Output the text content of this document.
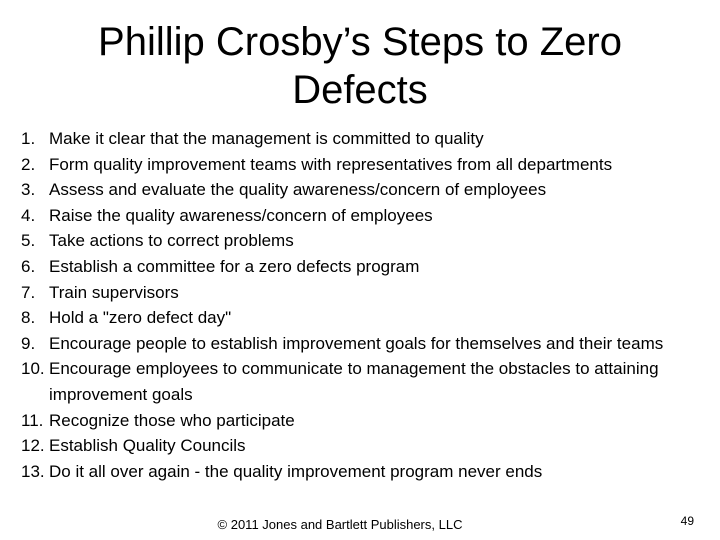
Phillip Crosby’s Steps to Zero Defects
1. Make it clear that the management is committed to quality
2. Form quality improvement teams with representatives from all departments
3. Assess and evaluate the quality awareness/concern of employees
4. Raise the quality awareness/concern of employees
5. Take actions to correct problems
6. Establish a committee for a zero defects program
7. Train supervisors
8. Hold a "zero defect day"
9. Encourage people to establish improvement goals for themselves and their teams
10. Encourage employees to communicate to management the obstacles to attaining improvement goals
11. Recognize those who participate
12. Establish Quality Councils
13. Do it all over again - the quality improvement program never ends
© 2011 Jones and Bartlett Publishers, LLC	49
